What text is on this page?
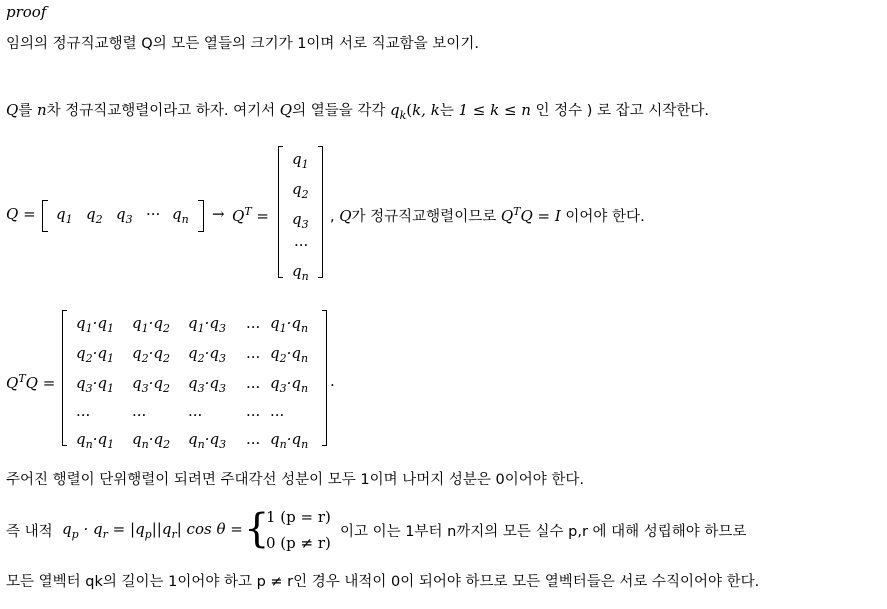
proof
임의의 정규직교행렬 Q의 모든 열들의 크기가 1이며 서로 직교함을 보이기.
Q를 n차 정규직교행렬이라고 하자. 여기서 Q의 열들을 각각 $q_k(k$, k는 1 ≤ k ≤ n 인 정수 ) 로 잡고 시작한다.
$Q = q_1$ $q_2$ $q_3$ ··· $q_n \to Q^T$ =
$q_1$
$q_2$
$q_3$
···
$q_n$
, Q가 정규직교행렬이므로 $Q^TQ = I$ 이어야 한다.
$Q^TQ$ =
$q_1\cdot q_1$ $q_1\cdot q_2$ $q_1\cdot q_3$ ... $q_1\cdot q_n$
$q_2\cdot q_1$ $q_2\cdot q_2$ $q_2\cdot q_3$ ... $q_2\cdot q_n$
$q_3\cdot q_1$ $q_3\cdot q_2$ $q_3\cdot q_3$ ... $q_3\cdot q_n$
...	...	...	... ...
$q_n\cdot q_1$ $q_n\cdot q_2$ $q_n\cdot q_3$ ... $q_n\cdot q_n$
.
주어진 행렬이 단위행렬이 되려면 주대각선 성분이 모두 1이며 나머지 성분은 0이어야 한다.
즉 내적 $q_p \cdot q_r = |q_p||q_r|$ cos θ = {
1 (p = r)
0 (p ≠ r)
이고 이는 1부터 n까지의 모든 실수 p,r 에 대해 성립해야 하므로
모든 열벡터 qk의 길이는 1이어야 하고 p ≠ r인 경우 내적이 0이 되어야 하므로 모든 열벡터들은 서로 수직이어야 한다.
